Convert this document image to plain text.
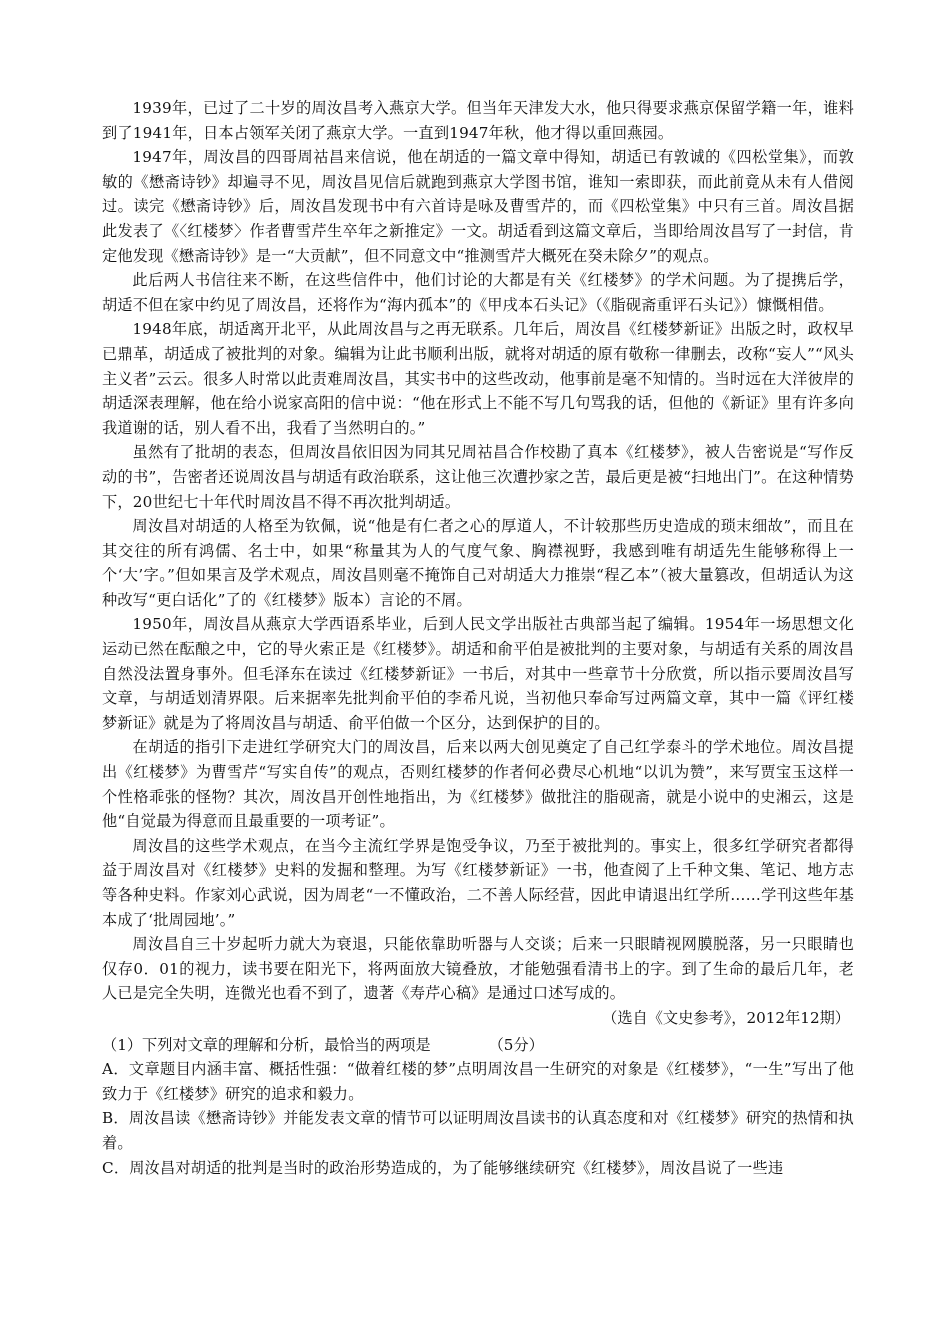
1939年，已过了二十岁的周汝昌考入燕京大学。但当年天津发大水，他只得要求燕京保留学籍一年，谁料到了1941年，日本占领军关闭了燕京大学。一直到1947年秋，他才得以重回燕园。

1947年，周汝昌的四哥周祜昌来信说，他在胡适的一篇文章中得知，胡适已有敦诚的《四松堂集》，而敦敏的《懋斋诗钞》却遍寻不见，周汝昌见信后就跑到燕京大学图书馆，谁知一索即获，而此前竟从未有人借阅过。读完《懋斋诗钞》后，周汝昌发现书中有六首诗是咏及曹雪芹的，而《四松堂集》中只有三首。周汝昌据此发表了《〈红楼梦〉作者曹雪芹生卒年之新推定》一文。胡适看到这篇文章后，当即给周汝昌写了一封信，肯定他发现《懋斋诗钞》是一“大贡献”，但不同意文中“推测雪芹大概死在癸未除夕”的观点。

此后两人书信往来不断，在这些信件中，他们讨论的大都是有关《红楼梦》的学术问题。为了提携后学，胡适不但在家中约见了周汝昌，还将作为“海内孤本”的《甲戌本石头记》（《脂砚斋重评石头记》）慷慨相借。

1948年底，胡适离开北平，从此周汝昌与之再无联系。几年后，周汝昌《红楼梦新证》出版之时，政权早已鼎革，胡适成了被批判的对象。编辑为让此书顺利出版，就将对胡适的原有敬称一律删去，改称“妄人”“风头主义者”云云。很多人时常以此责难周汝昌，其实书中的这些改动，他事前是毫不知情的。当时远在大洋彼岸的胡适深表理解，他在给小说家高阳的信中说：“他在形式上不能不写几句骂我的话，但他的《新证》里有许多向我道谢的话，别人看不出，我看了当然明白的。”

虽然有了批胡的表态，但周汝昌依旧因为同其兄周祜昌合作校勘了真本《红楼梦》，被人告密说是“写作反动的书”，告密者还说周汝昌与胡适有政治联系，这让他三次遭抄家之苦，最后更是被“扫地出门”。在这种情势下，20世纪七十年代时周汝昌不得不再次批判胡适。

周汝昌对胡适的人格至为钦佩，说“他是有仁者之心的厚道人，不计较那些历史造成的琐末细故”，而且在其交往的所有鸿儒、名士中，如果“称量其为人的气度气象、胸襟视野，我感到唯有胡适先生能够称得上一个‘大’字。”但如果言及学术观点，周汝昌则毫不掩饰自己对胡适大力推崇“程乙本”（被大量篡改，但胡适认为这种改写“更白话化”了的《红楼梦》版本）言论的不屑。

1950年，周汝昌从燕京大学西语系毕业，后到人民文学出版社古典部当起了编辑。1954年一场思想文化运动已然在酝酿之中，它的导火索正是《红楼梦》。胡适和俞平伯是被批判的主要对象，与胡适有关系的周汝昌自然没法置身事外。但毛泽东在读过《红楼梦新证》一书后，对其中一些章节十分欣赏，所以指示要周汝昌写文章，与胡适划清界限。后来据率先批判俞平伯的李希凡说，当初他只奉命写过两篇文章，其中一篇《评红楼梦新证》就是为了将周汝昌与胡适、俞平伯做一个区分，达到保护的目的。

在胡适的指引下走进红学研究大门的周汝昌，后来以两大创见奠定了自己红学泰斗的学术地位。周汝昌提出《红楼梦》为曹雪芹“写实自传”的观点，否则红楼梦的作者何必费尽心机地“以讥为赞”，来写贾宝玉这样一个性格乖张的怪物？其次，周汝昌开创性地指出，为《红楼梦》做批注的脂砚斋，就是小说中的史湘云，这是他“自觉最为得意而且最重要的一项考证”。

周汝昌的这些学术观点，在当今主流红学界是饱受争议，乃至于被批判的。事实上，很多红学研究者都得益于周汝昌对《红楼梦》史料的发掘和整理。为写《红楼梦新证》一书，他查阅了上千种文集、笔记、地方志等各种史料。作家刘心武说，因为周老“一不懂政治，二不善人际经营，因此申请退出红学所……学刊这些年基本成了‘批周园地’。”

周汝昌自三十岁起听力就大为衰退，只能依靠助听器与人交谈；后来一只眼睛视网膜脱落，另一只眼睛也仅存0．01的视力，读书要在阳光下，将两面放大镜叠放，才能勉强看清书上的字。到了生命的最后几年，老人已是完全失明，连微光也看不到了，遗著《寿芹心稿》是通过口述写成的。

（选自《文史参考》，2012年12期）

（1）下列对文章的理解和分析，最恰当的两项是	（5分）

A．文章题目内涵丰富、概括性强：“做着红楼的梦”点明周汝昌一生研究的对象是《红楼梦》，“一生”写出了他致力于《红楼梦》研究的追求和毅力。

B．周汝昌读《懋斋诗钞》并能发表文章的情节可以证明周汝昌读书的认真态度和对《红楼梦》研究的热情和执着。

C．周汝昌对胡适的批判是当时的政治形势造成的，为了能够继续研究《红楼梦》，周汝昌说了一些违
